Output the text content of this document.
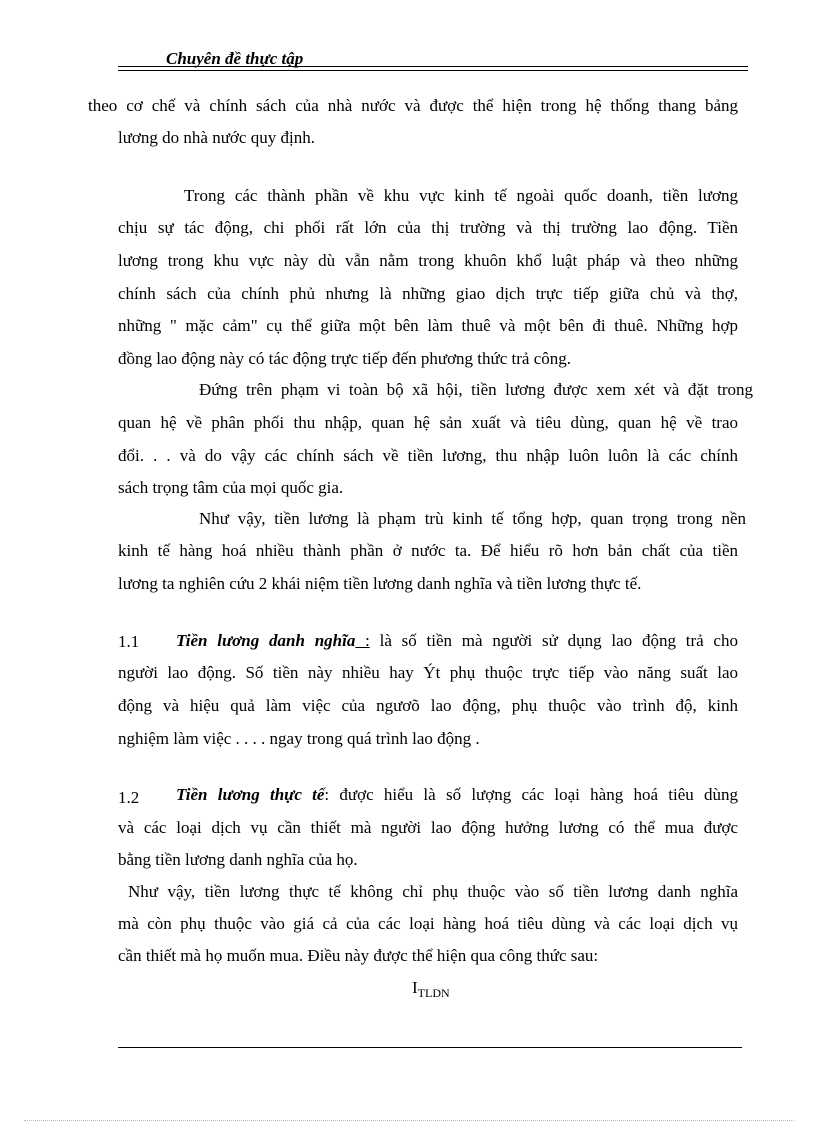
Chuyên đề thực tập
theo cơ chế và chính sách của nhà nước và được thể hiện trong hệ thống thang bảng
lương do nhà nước quy định.
Trong các thành phần về khu vực kinh tế ngoài quốc doanh, tiền lương
chịu sự tác động, chi phối rất lớn của thị trường và thị trường lao động. Tiền
lương trong khu vực này dù vẫn nằm trong khuôn khổ luật pháp và theo những
chính sách của chính phủ nhưng là những giao dịch trực tiếp giữa chủ và thợ,
những " mặc cảm" cụ thể giữa một bên làm thuê và một bên đi thuê. Những hợp
đồng lao động này có tác động trực tiếp đến phương thức trả công.
Đứng trên phạm vi toàn bộ xã hội, tiền lương được xem xét và đặt trong
quan hệ về phân phối thu nhập, quan hệ sản xuất và tiêu dùng, quan hệ về trao
đổi. . . và do vậy các chính sách về tiền lương, thu nhập luôn luôn là các chính
sách trọng tâm của mọi quốc gia.
Như vậy, tiền lương là phạm trù kinh tế tổng hợp, quan trọng trong nền
kinh tế hàng hoá nhiều thành phần ở nước ta. Để hiểu rõ hơn bản chất của tiền
lương ta nghiên cứu 2 khái niệm tiền lương danh nghĩa và tiền lương thực tế.
1.1 Tiền lương danh nghĩa : là số tiền mà người sử dụng lao động trả cho
người lao động. Số tiền này nhiều hay Ýt phụ thuộc trực tiếp vào năng suất lao
động và hiệu quả làm việc của ngươõ lao động, phụ thuộc vào trình độ, kinh
nghiệm làm việc . . . . ngay trong quá trình lao động .
1.2 Tiền lương thực tế: được hiểu là số lượng các loại hàng hoá tiêu dùng
và các loại dịch vụ cần thiết mà người lao động hưởng lương có thể mua được
bằng tiền lương danh nghĩa của họ.
Như vậy, tiền lương thực tế không chỉ phụ thuộc vào số tiền lương danh nghĩa
mà còn phụ thuộc vào giá cả của các loại hàng hoá tiêu dùng và các loại dịch vụ
cần thiết mà họ muốn mua. Điều này được thể hiện qua công thức sau:
$I_{TLDN}$
